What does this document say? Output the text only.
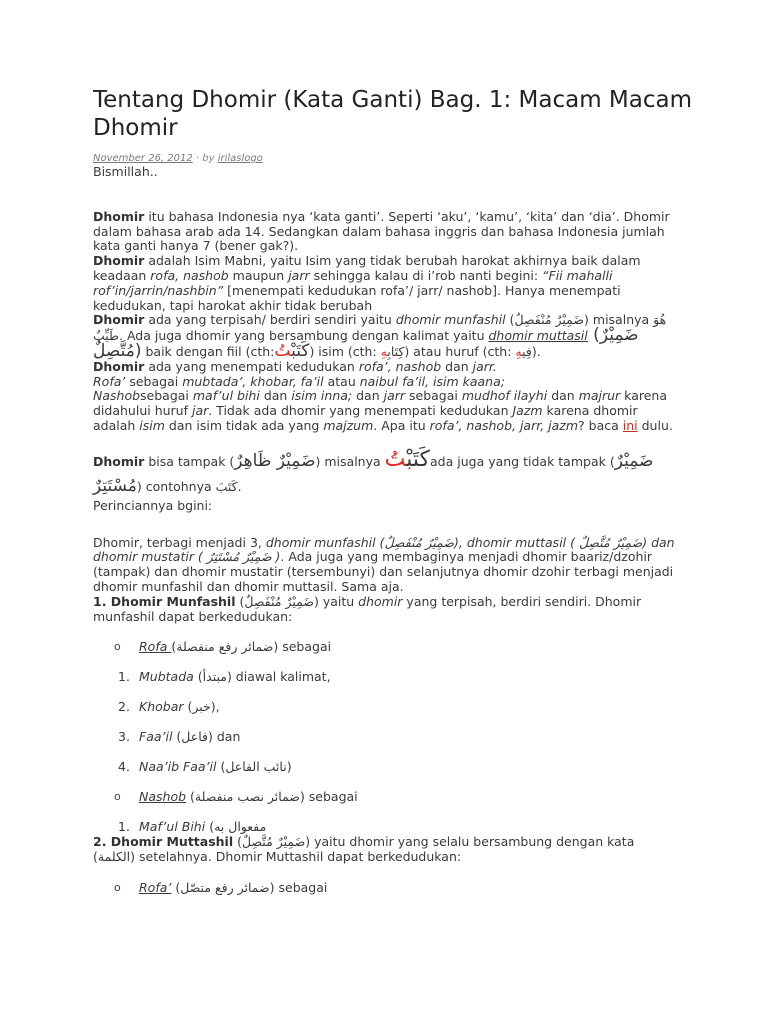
Tentang Dhomir (Kata Ganti) Bag. 1: Macam Macam Dhomir
November 26, 2012 · by irilaslogo

Bismillah..

Dhomir itu bahasa Indonesia nya ‘kata ganti’. Seperti ‘aku’, ‘kamu’, ‘kita’ dan ‘dia’. Dhomir dalam bahasa arab ada 14. Sedangkan dalam bahasa inggris dan bahasa Indonesia jumlah kata ganti hanya 7 (bener gak?).

Dhomir adalah Isim Mabni, yaitu Isim yang tidak berubah harokat akhirnya baik dalam keadaan rofa, nashob maupun jarr sehingga kalau di i’rob nanti begini: “Fii mahalli rof’in/jarrin/nashbin” [menempati kedudukan rofa’/ jarr/ nashob]. Hanya menempati kedudukan, tapi harokat akhir tidak berubah

Dhomir ada yang terpisah/ berdiri sendiri yaitu dhomir munfashil (ضَمِيْرٌ مُنْفَصِلٌ) misalnya هُوَ طَيِّبٌ. Ada juga dhomir yang bersambung dengan kalimat yaitu dhomir muttasil (ضَمِيْرٌ مُتَّصِلٌ) baik dengan fiil (cth: كَتَبْتُ ) isim (cth: كِتَابِهِ ) atau huruf (cth: فِيهِ ).

Dhomir ada yang menempati kedudukan rofa’, nashob dan jarr.
Rofa’ sebagai mubtada’, khobar, fa’il atau naibul fa’il, isim kaana;
Nashobsebagai maf’ul bihi dan isim inna; dan jarr sebagai mudhof ilayhi dan majrur karena didahului huruf jar. Tidak ada dhomir yang menempati kedudukan Jazm karena dhomir adalah isim dan isim tidak ada yang majzum. Apa itu rofa’, nashob, jarr, jazm? baca ini dulu.

Dhomir bisa tampak (ضَمِيْرٌ ظَاهِرٌ) misalnya كَتَبْتُ ada juga yang tidak tampak (ضَمِيْرٌ مُسْتَتِرٌ) contohnya كَتَبَ.

Perinciannya bgini:

Dhomir, terbagi menjadi 3, dhomir munfashil (ضَمِيْرٌ مُنْفَصِلٌ), dhomir muttasil ( ضَمِيْرٌ مُتَّصِلٌ) dan dhomir mustatir ( ضَمِيْرٌ مُسْتَتِرٌ ). Ada juga yang membaginya menjadi dhomir baariz/dzohir (tampak) dan dhomir mustatir (tersembunyi) dan selanjutnya dhomir dzohir terbagi menjadi dhomir munfashil dan dhomir muttasil. Sama aja.

1. Dhomir Munfashil (ضَمِيْرٌ مُنْفَصِلٌ) yaitu dhomir yang terpisah, berdiri sendiri. Dhomir munfashil dapat berkedudukan:

o Rofa (ضمائر رفع منفصلة) sebagai
1. Mubtada (مبتدأ) diawal kalimat,
2. Khobar (خبر),
3. Faa’il (فاعل) dan
4. Naa’ib Faa’il (نائب الفاعل)
o Nashob (ضمائر نصب منفصلة) sebagai
1. Maf’ul Bihi (مفعوال به

2. Dhomir Muttashil (ضَمِيْرٌ مُتَّصِلٌ) yaitu dhomir yang selalu bersambung dengan kata (الكلمة) setelahnya. Dhomir Muttashil dapat berkedudukan:

o Rofa’ (ضمائر رفع متصّل) sebagai
